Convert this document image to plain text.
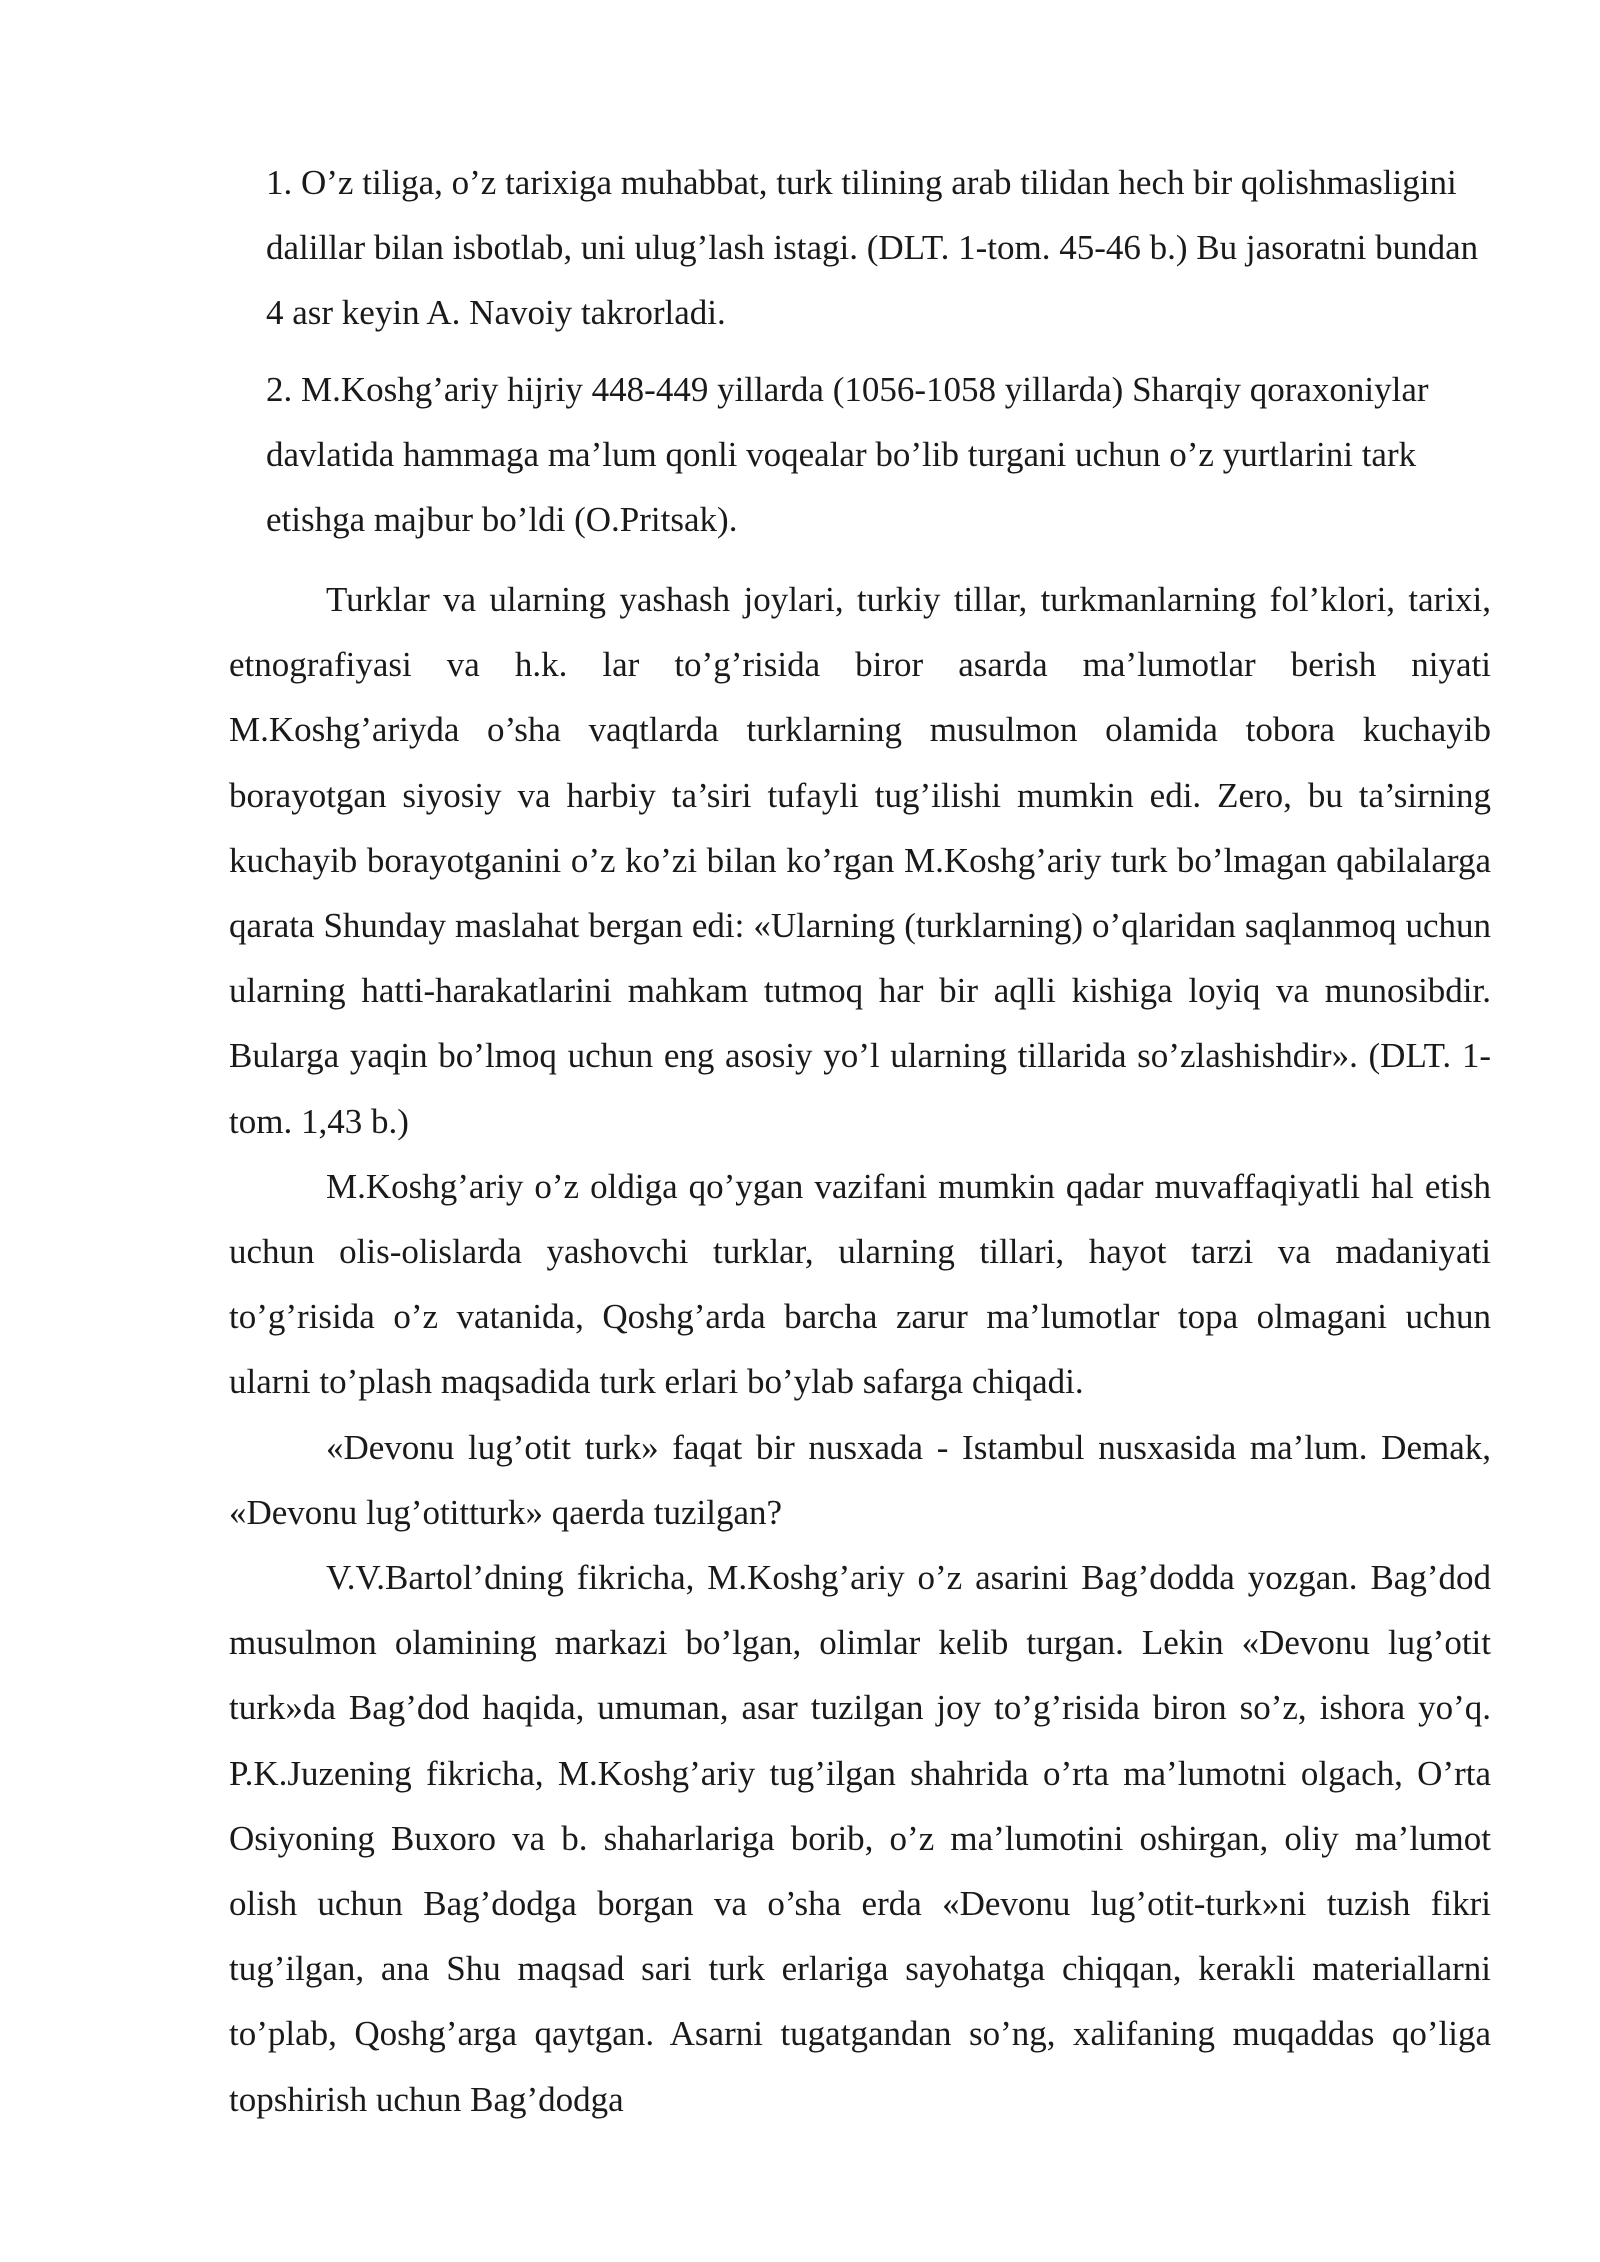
1. O’z tiliga, o’z tarixiga muhabbat, turk tilining arab tilidan hech bir qolishmasligini dalillar bilan isbotlab, uni ulug’lash istagi. (DLT. 1-tom. 45-46 b.) Bu jasoratni bundan 4 asr keyin A. Navoiy takrorladi.

2. M.Koshg’ariy hijriy 448-449 yillarda (1056-1058 yillarda) Sharqiy qoraxoniylar davlatida hammaga ma’lum qonli voqealar bo’lib turgani uchun o’z yurtlarini tark etishga majbur bo’ldi (O.Pritsak).

Turklar va ularning yashash joylari, turkiy tillar, turkmanlarning fol’klori, tarixi, etnografiyasi va h.k. lar to’g’risida biror asarda ma’lumotlar berish niyati M.Koshg’ariyda o’sha vaqtlarda turklarning musulmon olamida tobora kuchayib borayotgan siyosiy va harbiy ta’siri tufayli tug’ilishi mumkin edi. Zero, bu ta’sirning kuchayib borayotganini o’z ko’zi bilan ko’rgan M.Koshg’ariy turk bo’lmagan qabilalarga qarata Shunday maslahat bergan edi: «Ularning (turklarning) o’qlaridan saqlanmoq uchun ularning hatti-harakatlarini mahkam tutmoq har bir aqlli kishiga loyiq va munosibdir. Bularga yaqin bo’lmoq uchun eng asosiy yo’l ularning tillarida so’zlashishdir». (DLT. 1-tom. 1,43 b.)

M.Koshg’ariy o’z oldiga qo’ygan vazifani mumkin qadar muvaffaqiyatli hal etish uchun olis-olislarda yashovchi turklar, ularning tillari, hayot tarzi va madaniyati to’g’risida o’z vatanida, Qoshg’arda barcha zarur ma’lumotlar topa olmagani uchun ularni to’plash maqsadida turk erlari bo’ylab safarga chiqadi.

«Devonu lug’otit turk» faqat bir nusxada - Istambul nusxasida ma’lum. Demak, «Devonu lug’otitturk» qaerda tuzilgan?

V.V.Bartol’dning fikricha, M.Koshg’ariy o’z asarini Bag’dodda yozgan. Bag’dod musulmon olamining markazi bo’lgan, olimlar kelib turgan. Lekin «Devonu lug’otit turk»da Bag’dod haqida, umuman, asar tuzilgan joy to’g’risida biron so’z, ishora yo’q. P.K.Juzening fikricha, M.Koshg’ariy tug’ilgan shahrida o’rta ma’lumotni olgach, O’rta Osiyoning Buxoro va b. shaharlariga borib, o’z ma’lumotini oshirgan, oliy ma’lumot olish uchun Bag’dodga borgan va o’sha erda «Devonu lug’otit-turk»ni tuzish fikri tug’ilgan, ana Shu maqsad sari turk erlariga sayohatga chiqqan, kerakli materiallarni to’plab, Qoshg’arga qaytgan. Asarni tugatgandan so’ng, xalifaning muqaddas qo’liga topshirish uchun Bag’dodga
